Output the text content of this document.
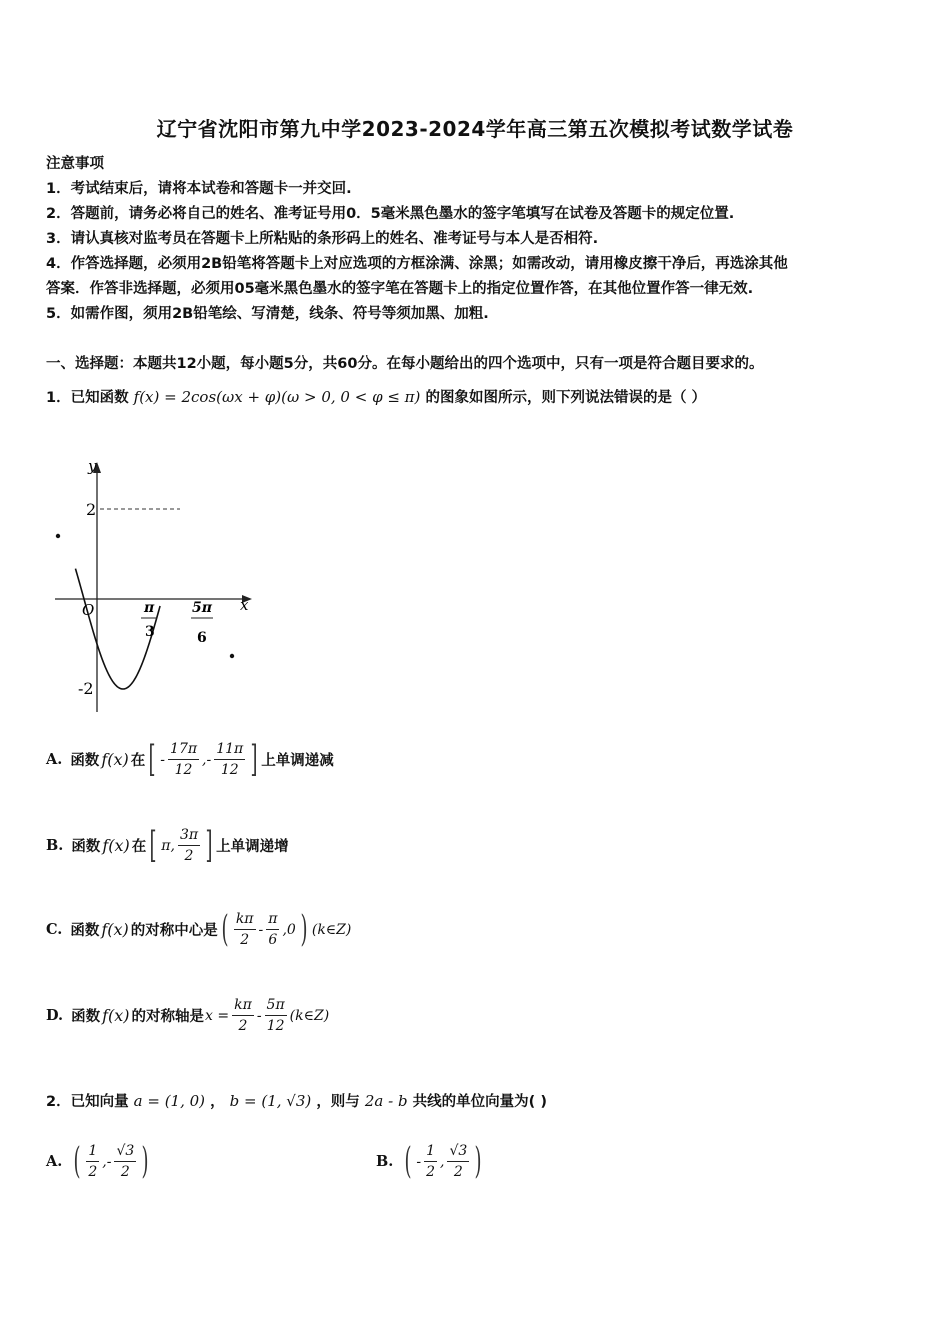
辽宁省沈阳市第九中学2023-2024学年高三第五次模拟考试数学试卷
注意事项
1．考试结束后，请将本试卷和答题卡一并交回.
2．答题前，请务必将自己的姓名、准考证号用0．5毫米黑色墨水的签字笔填写在试卷及答题卡的规定位置.
3．请认真核对监考员在答题卡上所粘贴的条形码上的姓名、准考证号与本人是否相符.
4．作答选择题，必须用2B铅笔将答题卡上对应选项的方框涂满、涂黑；如需改动，请用橡皮擦干净后，再选涂其他
答案．作答非选择题，必须用05毫米黑色墨水的签字笔在答题卡上的指定位置作答，在其他位置作答一律无效.
5．如需作图，须用2B铅笔绘、写清楚，线条、符号等须加黑、加粗.
一、选择题：本题共12小题，每小题5分，共60分。在每小题给出的四个选项中，只有一项是符合题目要求的。
1．已知函数 f(x) = 2cos(ωx + φ)(ω > 0, 0 < φ ≤ π) 的图象如图所示，则下列说法错误的是（ ）
y
x
O
2
-2
π
3
5π
6
A. 函数 f(x) 在 [ - $\frac{17\pi}{12}$ ,- $\frac{11\pi}{12}$ ] 上单调递减
B. 函数 f(x) 在 [ π, $\frac{3\pi}{2}$ ] 上单调递增
C. 函数 f(x) 的对称中心是 ( $\frac{k\pi}{2} - \frac{\pi}{6} ,0$ ) (k∈Z)
D. 函数 f(x) 的对称轴是 $x = \frac{k\pi}{2} - \frac{5\pi}{12}$ (k∈Z)
2．已知向量 a = (1, 0) ， b = (1, √3) ，则与 2a - b 共线的单位向量为( )
A. ( $\frac{1}{2}$ ,- $\frac{√3}{2}$ )	B. ( - $\frac{1}{2}$ , $\frac{√3}{2}$ )
